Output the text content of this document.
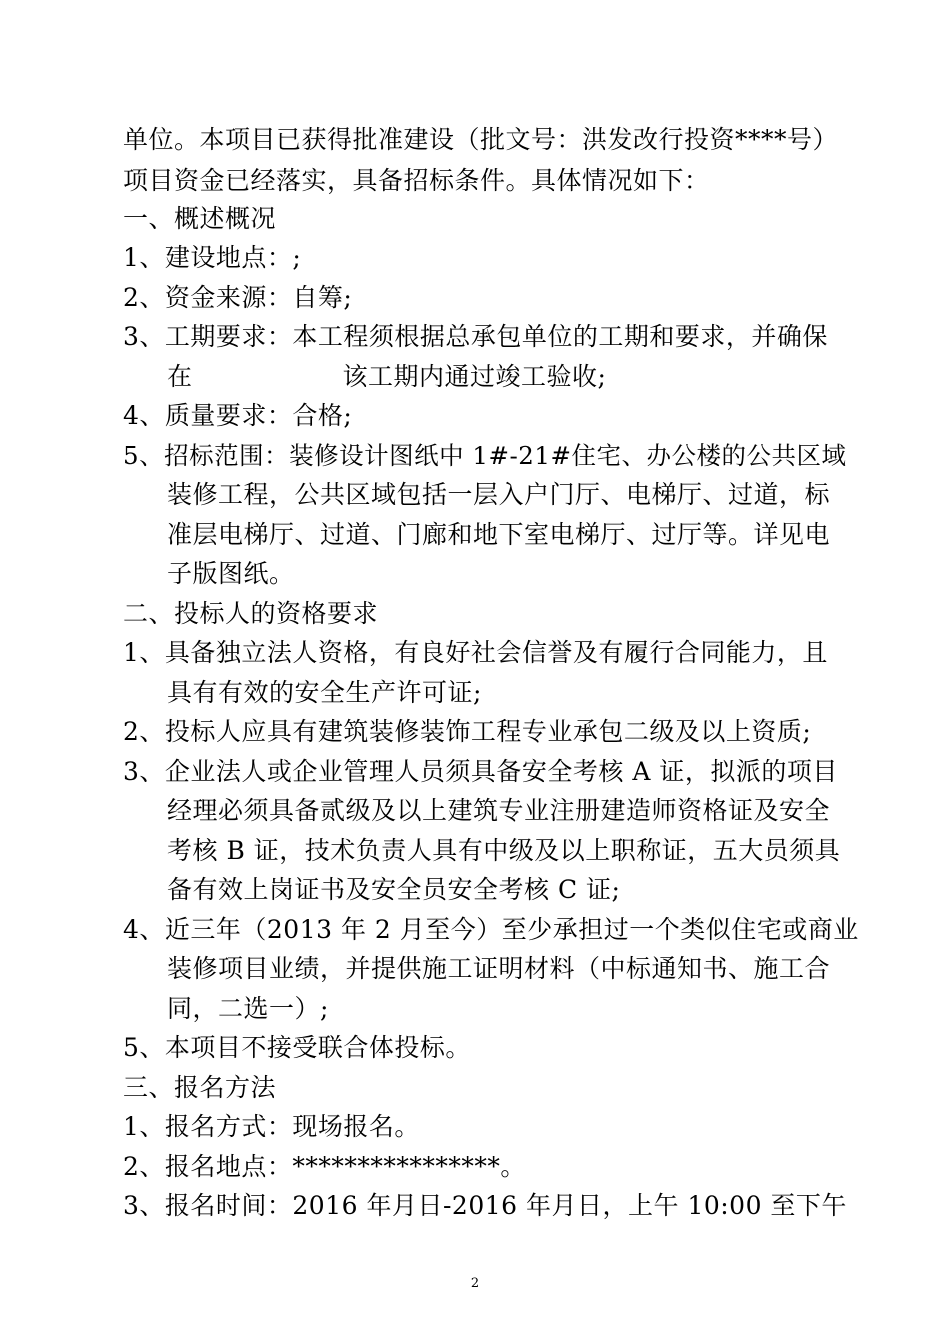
单位。本项目已获得批准建设（批文号：洪发改行投资****号）
项目资金已经落实，具备招标条件。具体情况如下：
一、概述概况
1、建设地点：;
2、资金来源：自筹;
3、工期要求：本工程须根据总承包单位的工期和要求，并确保
在	该工期内通过竣工验收;
4、质量要求：合格;
5、招标范围：装修设计图纸中 1#-21#住宅、办公楼的公共区域
装修工程，公共区域包括一层入户门厅、电梯厅、过道，标
准层电梯厅、过道、门廊和地下室电梯厅、过厅等。详见电
子版图纸。
二、投标人的资格要求
1、具备独立法人资格，有良好社会信誉及有履行合同能力，且
具有有效的安全生产许可证;
2、投标人应具有建筑装修装饰工程专业承包二级及以上资质;
3、企业法人或企业管理人员须具备安全考核 A 证，拟派的项目
经理必须具备贰级及以上建筑专业注册建造师资格证及安全
考核 B 证，技术负责人具有中级及以上职称证，五大员须具
备有效上岗证书及安全员安全考核 C 证;
4、近三年（2013 年 2 月至今）至少承担过一个类似住宅或商业
装修项目业绩，并提供施工证明材料（中标通知书、施工合
同，二选一）;
5、本项目不接受联合体投标。
三、报名方法
1、报名方式：现场报名。
2、报名地点：****************。
3、报名时间：2016 年月日-2016 年月日，上午 10:00 至下午
2
